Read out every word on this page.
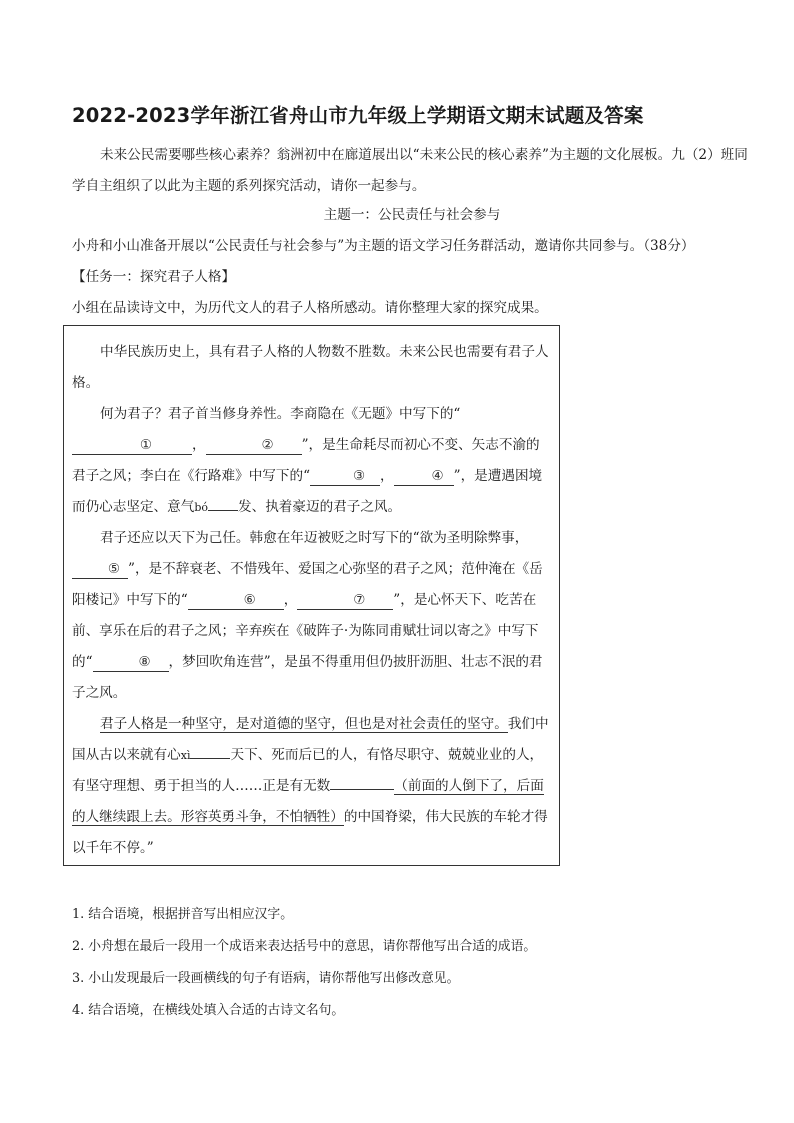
2022-2023学年浙江省舟山市九年级上学期语文期末试题及答案
未来公民需要哪些核心素养？翁洲初中在廊道展出以“未来公民的核心素养”为主题的文化展板。九（2）班同学自主组织了以此为主题的系列探究活动，请你一起参与。
主题一：公民责任与社会参与
小舟和小山准备开展以“公民责任与社会参与”为主题的语文学习任务群活动，邀请你共同参与。（38分）
【任务一：探究君子人格】
小组在品读诗文中，为历代文人的君子人格所感动。请你整理大家的探究成果。

中华民族历史上，具有君子人格的人物数不胜数。未来公民也需要有君子人格。

何为君子？君子首当修身养性。李商隐在《无题》中写下的“①	，	② ”，是生命耗尽而初心不变、矢志不渝的君子之风；李白在《行路难》中写下的“	③ ，	④ ”，是遭遇困境而仍心志坚定、意气bó 发、执着豪迈的君子之风。

君子还应以天下为己任。韩愈在年迈被贬之时写下的“欲为圣明除弊事，⑤ ”，是不辞衰老、不惜残年、爱国之心弥坚的君子之风；范仲淹在《岳阳楼记》中写下的“	⑥ ，	⑦ ”，是心怀天下、吃苦在前、享乐在后的君子之风；辛弃疾在《破阵子·为陈同甫赋壮词以寄之》中写下的“	⑧ ，梦回吹角连营”，是虽不得重用但仍披肝沥胆、壮志不泯的君子之风。

君子人格是一种坚守，是对道德的坚守，但也是对社会责任的坚守。我们中国从古以来就有心xì	天下、死而后已的人，有恪尽职守、兢兢业业的人，有坚守理想、勇于担当的人……正是有无数	（前面的人倒下了，后面的人继续跟上去。形容英勇斗争，不怕牺牲）的中国脊梁，伟大民族的车轮才得以千年不停。”

1. 结合语境，根据拼音写出相应汉字。
2. 小舟想在最后一段用一个成语来表达括号中的意思，请你帮他写出合适的成语。
3. 小山发现最后一段画横线的句子有语病，请你帮他写出修改意见。
4. 结合语境，在横线处填入合适的古诗文名句。
